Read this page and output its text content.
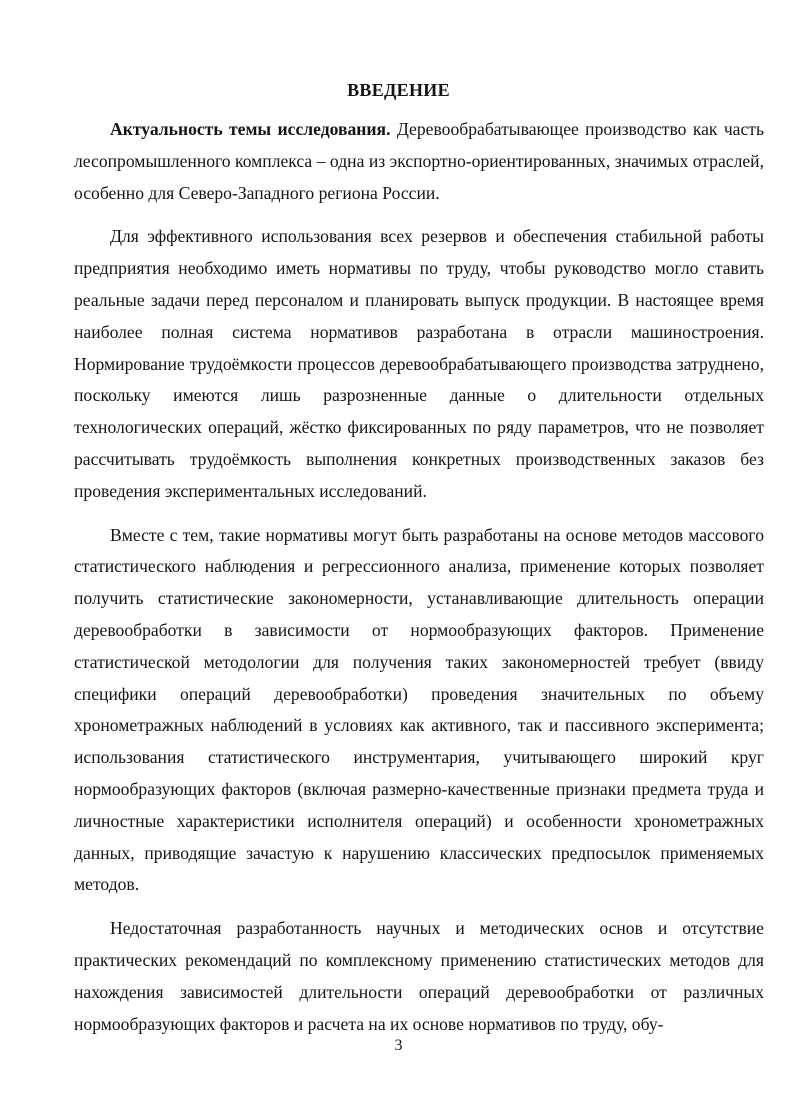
ВВЕДЕНИЕ

Актуальность темы исследования. Деревообрабатывающее производство как часть лесопромышленного комплекса – одна из экспортно-ориентированных, значимых отраслей, особенно для Северо-Западного региона России.

Для эффективного использования всех резервов и обеспечения стабильной работы предприятия необходимо иметь нормативы по труду, чтобы руководство могло ставить реальные задачи перед персоналом и планировать выпуск продукции. В настоящее время наиболее полная система нормативов разработана в отрасли машиностроения. Нормирование трудоёмкости процессов деревообрабатывающего производства затруднено, поскольку имеются лишь разрозненные данные о длительности отдельных технологических операций, жёстко фиксированных по ряду параметров, что не позволяет рассчитывать трудоёмкость выполнения конкретных производственных заказов без проведения экспериментальных исследований.

Вместе с тем, такие нормативы могут быть разработаны на основе методов массового статистического наблюдения и регрессионного анализа, применение которых позволяет получить статистические закономерности, устанавливающие длительность операции деревообработки в зависимости от нормообразующих факторов. Применение статистической методологии для получения таких закономерностей требует (ввиду специфики операций деревообработки) проведения значительных по объему хронометражных наблюдений в условиях как активного, так и пассивного эксперимента; использования статистического инструментария, учитывающего широкий круг нормообразующих факторов (включая размерно-качественные признаки предмета труда и личностные характеристики исполнителя операций) и особенности хронометражных данных, приводящие зачастую к нарушению классических предпосылок применяемых методов.

Недостаточная разработанность научных и методических основ и отсутствие практических рекомендаций по комплексному применению статистических методов для нахождения зависимостей длительности операций деревообработки от различных нормообразующих факторов и расчета на их основе нормативов по труду, обу-

3
